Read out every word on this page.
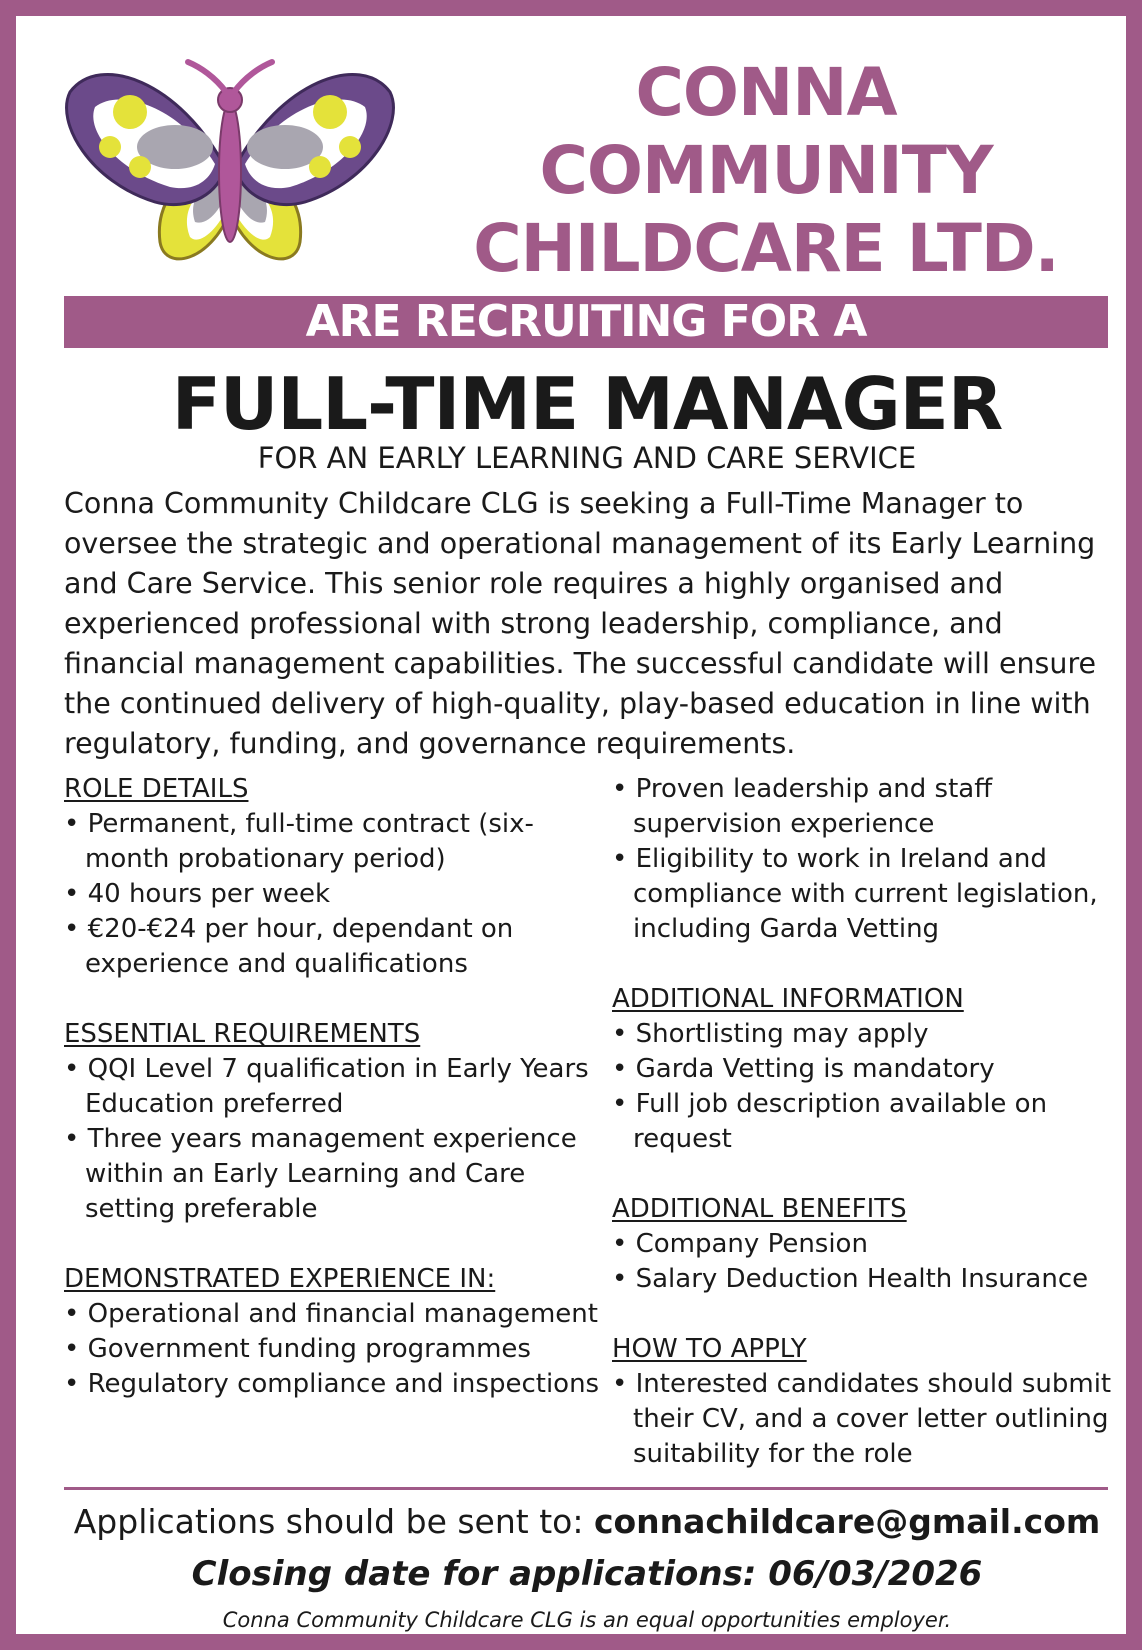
CONNA
COMMUNITY
CHILDCARE LTD.
ARE RECRUITING FOR A
FULL-TIME MANAGER
FOR AN EARLY LEARNING AND CARE SERVICE

Conna Community Childcare CLG is seeking a Full-Time Manager to oversee the strategic and operational management of its Early Learning and Care Service. This senior role requires a highly organised and experienced professional with strong leadership, compliance, and financial management capabilities. The successful candidate will ensure the continued delivery of high-quality, play-based education in line with regulatory, funding, and governance requirements.

ROLE DETAILS
• Permanent, full-time contract (six-month probationary period)
• 40 hours per week
• €20-€24 per hour, dependant on experience and qualifications
ESSENTIAL REQUIREMENTS
• QQI Level 7 qualification in Early Years Education preferred
• Three years management experience within an Early Learning and Care setting preferable
DEMONSTRATED EXPERIENCE IN:
• Operational and financial management
• Government funding programmes
• Regulatory compliance and inspections
• Proven leadership and staff supervision experience
• Eligibility to work in Ireland and compliance with current legislation, including Garda Vetting
ADDITIONAL INFORMATION
• Shortlisting may apply
• Garda Vetting is mandatory
• Full job description available on request
ADDITIONAL BENEFITS
• Company Pension
• Salary Deduction Health Insurance
HOW TO APPLY
• Interested candidates should submit their CV, and a cover letter outlining suitability for the role
Applications should be sent to: connachildcare@gmail.com
Closing date for applications: 06/03/2026
Conna Community Childcare CLG is an equal opportunities employer.
